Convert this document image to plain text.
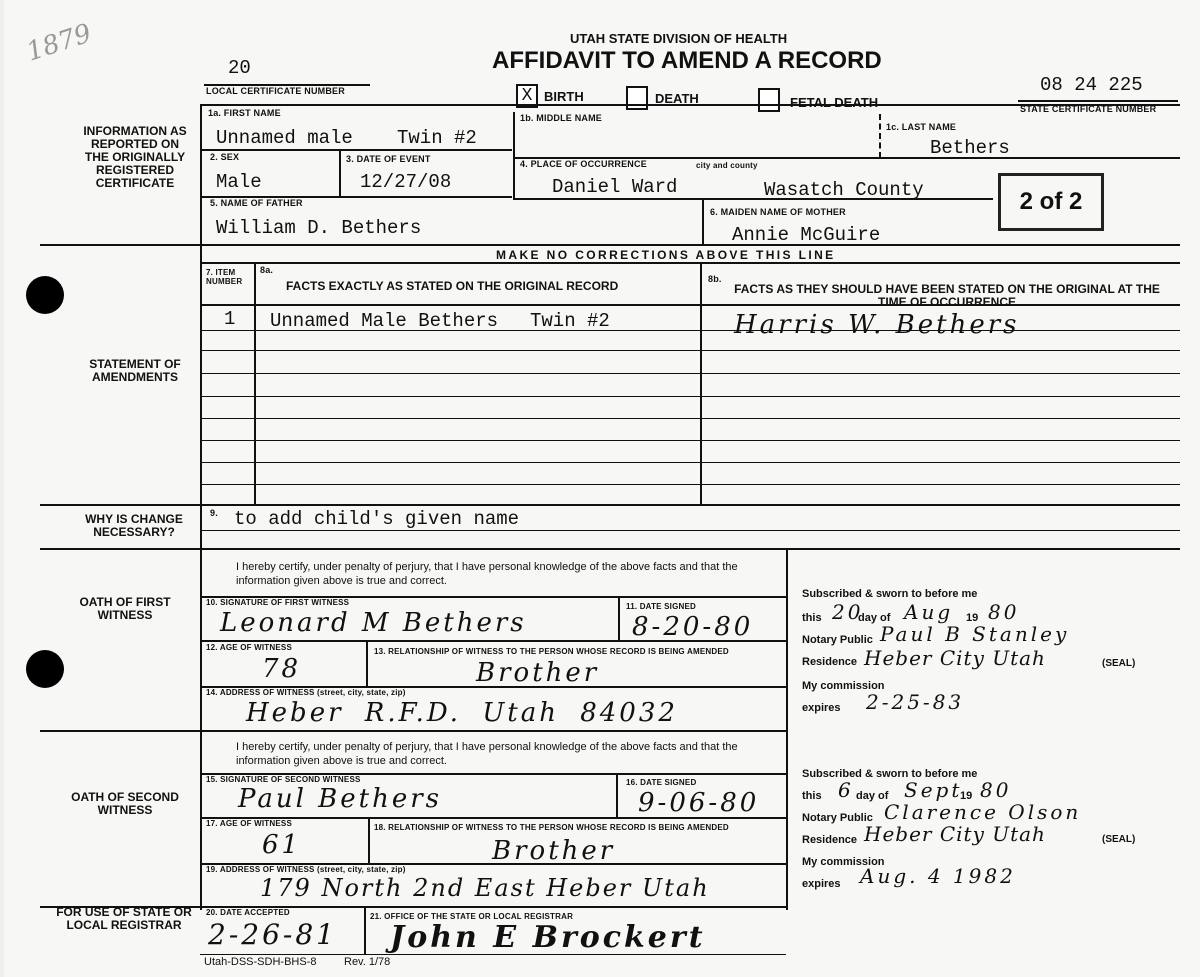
1879
20
LOCAL CERTIFICATE NUMBER
UTAH STATE DIVISION OF HEALTH
AFFIDAVIT TO AMEND A RECORD
08 24 225
STATE CERTIFICATE NUMBER
X BIRTH	DEATH	FETAL DEATH
INFORMATION AS REPORTED ON THE ORIGINALLY REGISTERED CERTIFICATE
1a. FIRST NAME
Unnamed male Twin #2
1b. MIDDLE NAME
1c. LAST NAME
Bethers
2. SEX
Male
3. DATE OF EVENT
12/27/08
4. PLACE OF OCCURRENCE	city and county
Daniel Ward	Wasatch County	2 of 2
5. NAME OF FATHER
William D. Bethers
6. MAIDEN NAME OF MOTHER
Annie McGuire
MAKE NO CORRECTIONS ABOVE THIS LINE
STATEMENT OF AMENDMENTS
7. ITEM NUMBER
8a.
FACTS EXACTLY AS STATED ON THE ORIGINAL RECORD	8b.
FACTS AS THEY SHOULD HAVE BEEN STATED ON THE ORIGINAL AT THE TIME OF OCCURRENCE
1 Unnamed Male Bethers Twin #2	Harris W. Bethers
WHY IS CHANGE NECESSARY?
9. to add child's given name
OATH OF FIRST WITNESS
I hereby certify, under penalty of perjury, that I have personal knowledge of the above facts and that the information given above is true and correct.
10. SIGNATURE OF FIRST WITNESS
Leonard M Bethers
11. DATE SIGNED
8-20-80
12. AGE OF WITNESS
78
13. RELATIONSHIP OF WITNESS TO THE PERSON WHOSE RECORD IS BEING AMENDED
Brother
14. ADDRESS OF WITNESS (street, city, state, zip)
Heber R.F.D. Utah 84032
Subscribed & sworn to before me
this 20
day of Aug 19 80
Notary Public Paul B Stanley
Residence Heber City Utah	(SEAL)
My commission
expires 2-25-83
OATH OF SECOND WITNESS
I hereby certify, under penalty of perjury, that I have personal knowledge of the above facts and that the information given above is true and correct.
15. SIGNATURE OF SECOND WITNESS
Paul Bethers
16. DATE SIGNED
9-06-80
17. AGE OF WITNESS
61
18. RELATIONSHIP OF WITNESS TO THE PERSON WHOSE RECORD IS BEING AMENDED
Brother
19. ADDRESS OF WITNESS (street, city, state, zip)
179 North 2nd East Heber Utah
Subscribed & sworn to before me
this 6 day of Sept
19 80
Notary Public Clarence Olson
Residence Heber City Utah	(SEAL)
My commission
expires Aug. 4 1982
FOR USE OF STATE OR LOCAL REGISTRAR
20. DATE ACCEPTED
2-26-81
21. OFFICE OF THE STATE OR LOCAL REGISTRAR
John E Brockert
Utah-DSS-SDH-BHS-8	Rev. 1/78
